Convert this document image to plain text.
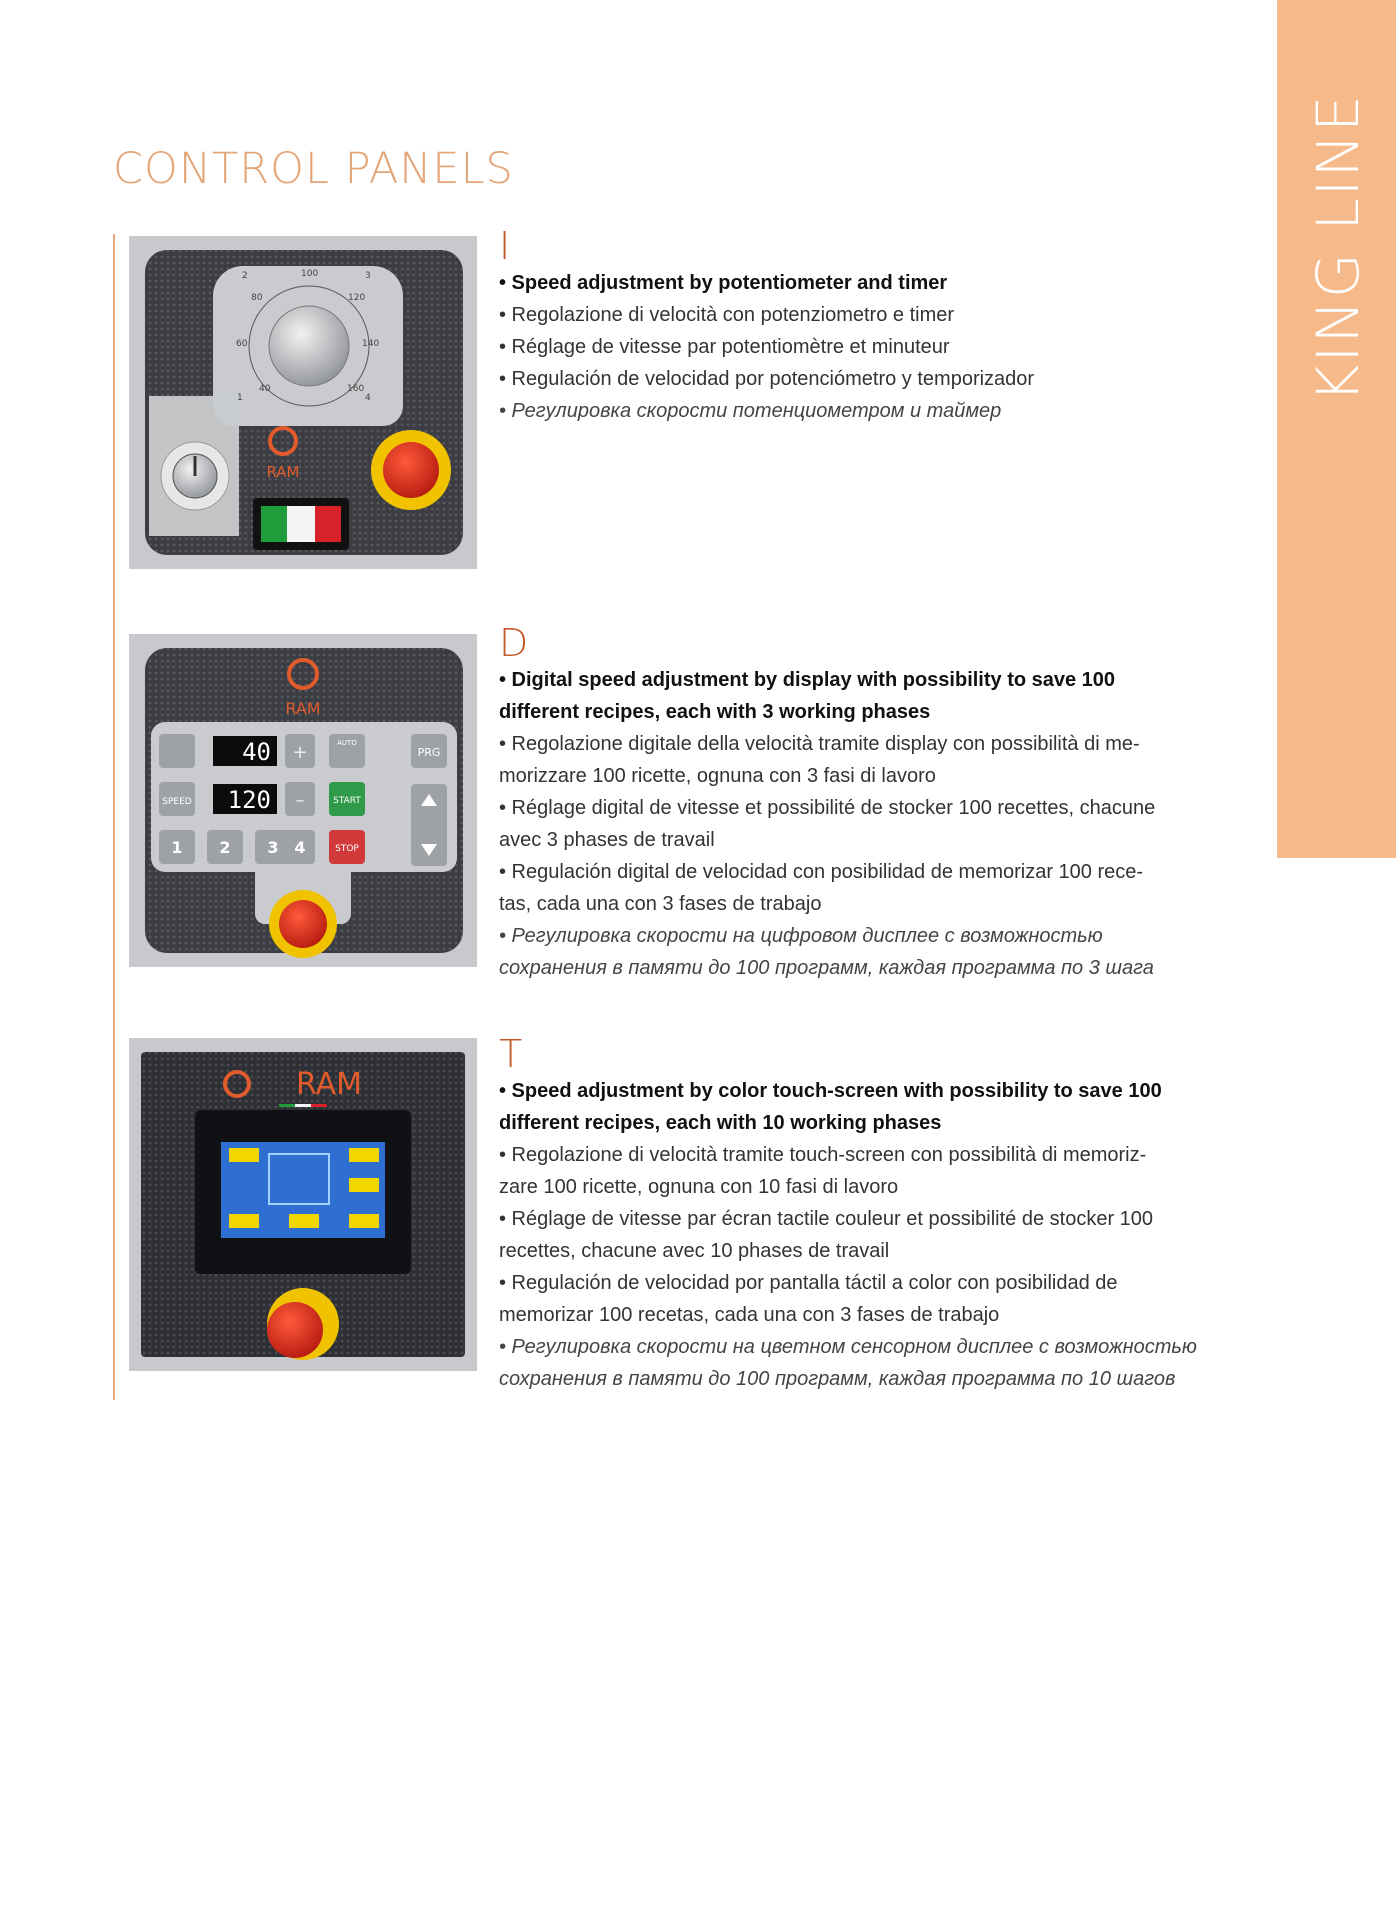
KING LINE
CONTROL PANELS
2	100	3
80	120
60	140
1
40	160
4
RAM
I
• Speed adjustment by potentiometer and timer
• Regolazione di velocità con potenziometro e timer
• Réglage de vitesse par potentiomètre et minuteur
• Regulación de velocidad por potenciómetro y temporizador
• Регулировка скорости потенциометром и таймер
RAM
SPEED
40
120
+
–
AUTO
START
STOP
PRG
1 2 3 4
D
• Digital speed adjustment by display with possibility to save 100
different recipes, each with 3 working phases
• Regolazione digitale della velocità tramite display con possibilità di me-
morizzare 100 ricette, ognuna con 3 fasi di lavoro
• Réglage digital de vitesse et possibilité de stocker 100 recettes, chacune
avec 3 phases de travail
• Regulación digital de velocidad con posibilidad de memorizar 100 rece-
tas, cada una con 3 fases de trabajo
• Регулировка скорости на цифровом дисплее с возможностью
сохранения в памяти до 100 программ, каждая программа по 3 шага
RAM
T
• Speed adjustment by color touch-screen with possibility to save 100
different recipes, each with 10 working phases
• Regolazione di velocità tramite touch-screen con possibilità di memoriz-
zare 100 ricette, ognuna con 10 fasi di lavoro
• Réglage de vitesse par écran tactile couleur et possibilité de stocker 100
recettes, chacune avec 10 phases de travail
• Regulación de velocidad por pantalla táctil a color con posibilidad de
memorizar 100 recetas, cada una con 3 fases de trabajo
• Регулировка скорости на цветном сенсорном дисплее с возможностью
сохранения в памяти до 100 программ, каждая программа по 10 шагов
